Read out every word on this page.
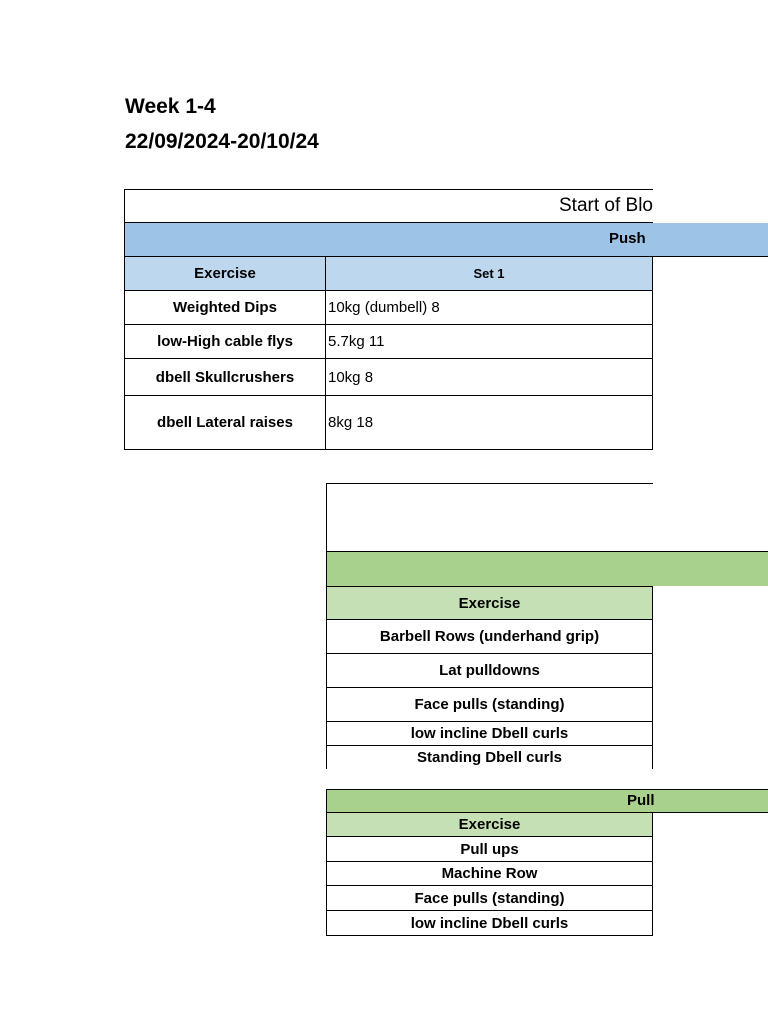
Week 1-4
22/09/2024-20/10/24
Start of Blo
Push
Exercise	Set 1
Weighted Dips	10kg (dumbell) 8
low-High cable flys	5.7kg 11
dbell Skullcrushers	10kg 8
dbell Lateral raises	8kg 18
Exercise
Barbell Rows (underhand grip)
Lat pulldowns
Face pulls (standing)
low incline Dbell curls
Standing Dbell curls
Pull
Exercise
Pull ups
Machine Row
Face pulls (standing)
low incline Dbell curls
